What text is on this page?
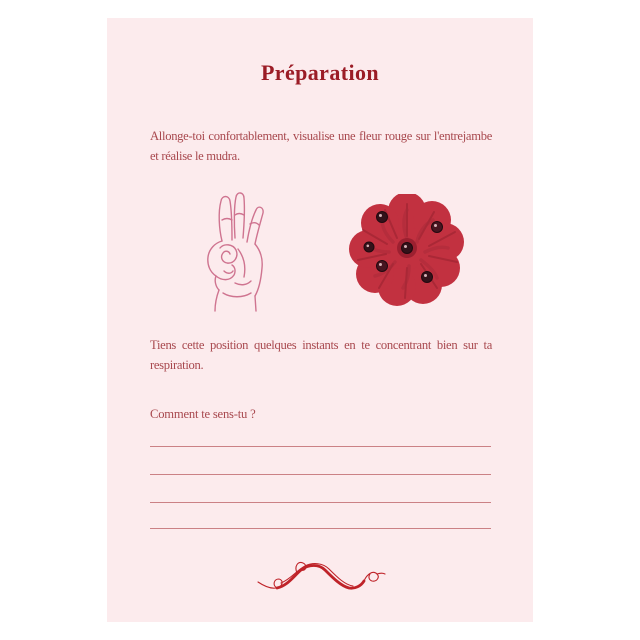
Préparation
Allonge-toi confortablement, visualise une fleur rouge sur l'entrejambe et réalise le mudra.
Tiens cette position quelques instants en te concentrant bien sur ta respiration.
Comment te sens-tu ?
